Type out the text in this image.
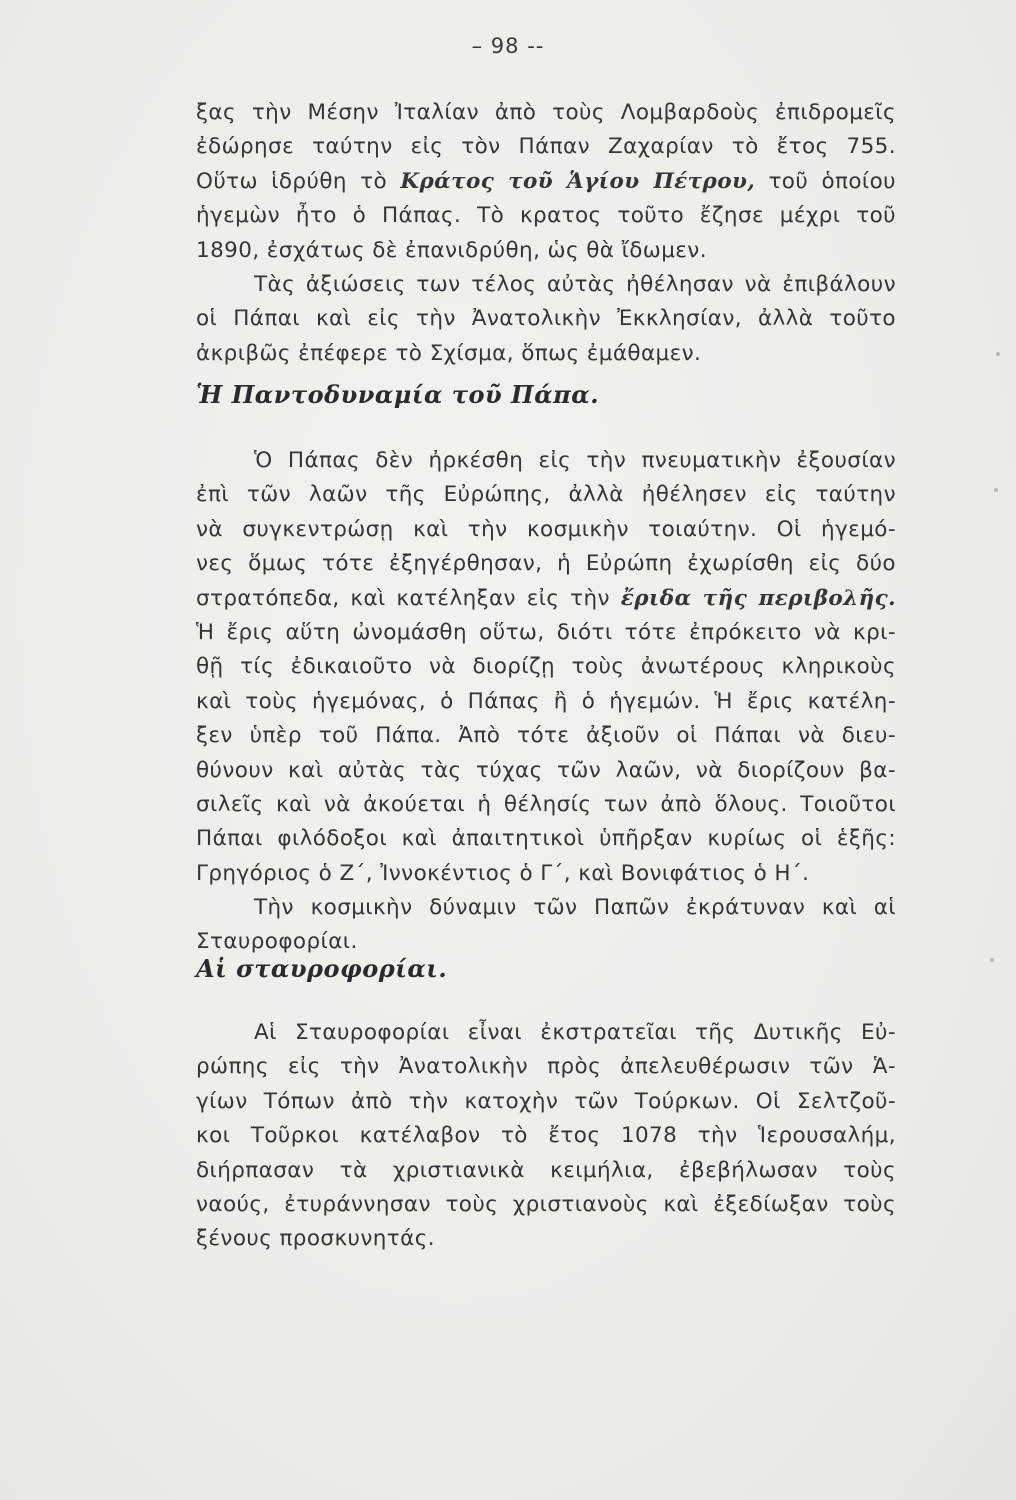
– 98 --
ξας τὴν Μέσην Ἰταλίαν ἀπὸ τοὺς Λομβαρδοὺς ἐπιδρομεῖς
ἐδώρησε ταύτην εἰς τὸν Πάπαν Ζαχαρίαν τὸ ἔτος 755.
Οὕτω ἱδρύθη τὸ Κράτος τοῦ Ἁγίου Πέτρου, τοῦ ὁποίου
ἡγεμὼν ἦτο ὁ Πάπας. Τὸ κρατος τοῦτο ἔζησε μέχρι τοῦ
1890, ἐσχάτως δὲ ἐπανιδρύθη, ὡς θὰ ἴδωμεν.
Τὰς ἀξιώσεις των τέλος αὐτὰς ἠθέλησαν νὰ ἐπιβάλουν
οἱ Πάπαι καὶ εἰς τὴν Ἀνατολικὴν Ἐκκλησίαν, ἀλλὰ τοῦτο
ἀκριβῶς ἐπέφερε τὸ Σχίσμα, ὅπως ἐμάθαμεν.
Ἡ Παντοδυναμία τοῦ Πάπα.
Ὁ Πάπας δὲν ἠρκέσθη εἰς τὴν πνευματικὴν ἐξουσίαν
ἐπὶ τῶν λαῶν τῆς Εὐρώπης, ἀλλὰ ἠθέλησεν εἰς ταύτην
νὰ συγκεντρώσῃ καὶ τὴν κοσμικὴν τοιαύτην. Οἱ ἡγεμό-
νες ὅμως τότε ἐξηγέρθησαν, ἡ Εὐρώπη ἐχωρίσθη εἰς δύο
στρατόπεδα, καὶ κατέληξαν εἰς τὴν ἔριδα τῆς περιβολῆς.
Ἡ ἔρις αὕτη ὠνομάσθη οὕτω, διότι τότε ἐπρόκειτο νὰ κρι-
θῇ τίς ἐδικαιοῦτο νὰ διορίζῃ τοὺς ἀνωτέρους κληρικοὺς
καὶ τοὺς ἡγεμόνας, ὁ Πάπας ἢ ὁ ἡγεμών. Ἡ ἔρις κατέλη-
ξεν ὑπὲρ τοῦ Πάπα. Ἀπὸ τότε ἀξιοῦν οἱ Πάπαι νὰ διευ-
θύνουν καὶ αὐτὰς τὰς τύχας τῶν λαῶν, νὰ διορίζουν βα-
σιλεῖς καὶ νὰ ἀκούεται ἡ θέλησίς των ἀπὸ ὅλους. Τοιοῦτοι
Πάπαι φιλόδοξοι καὶ ἀπαιτητικοὶ ὑπῆρξαν κυρίως οἱ ἑξῆς:
Γρηγόριος ὁ Ζ΄, Ἰννοκέντιος ὁ Γ΄, καὶ Βονιφάτιος ὁ Η΄.
Τὴν κοσμικὴν δύναμιν τῶν Παπῶν ἐκράτυναν καὶ αἱ
Σταυροφορίαι.
Αἱ σταυροφορίαι.
Αἱ Σταυροφορίαι εἶναι ἐκστρατεῖαι τῆς Δυτικῆς Εὐ-
ρώπης εἰς τὴν Ἀνατολικὴν πρὸς ἀπελευθέρωσιν τῶν Ἁ-
γίων Τόπων ἀπὸ τὴν κατοχὴν τῶν Τούρκων. Οἱ Σελτζοῦ-
κοι Τοῦρκοι κατέλαβον τὸ ἔτος 1078 τὴν Ἱερουσαλήμ,
διήρπασαν τὰ χριστιανικὰ κειμήλια, ἐβεβήλωσαν τοὺς
ναούς, ἐτυράννησαν τοὺς χριστιανοὺς καὶ ἐξεδίωξαν τοὺς
ξένους προσκυνητάς.
